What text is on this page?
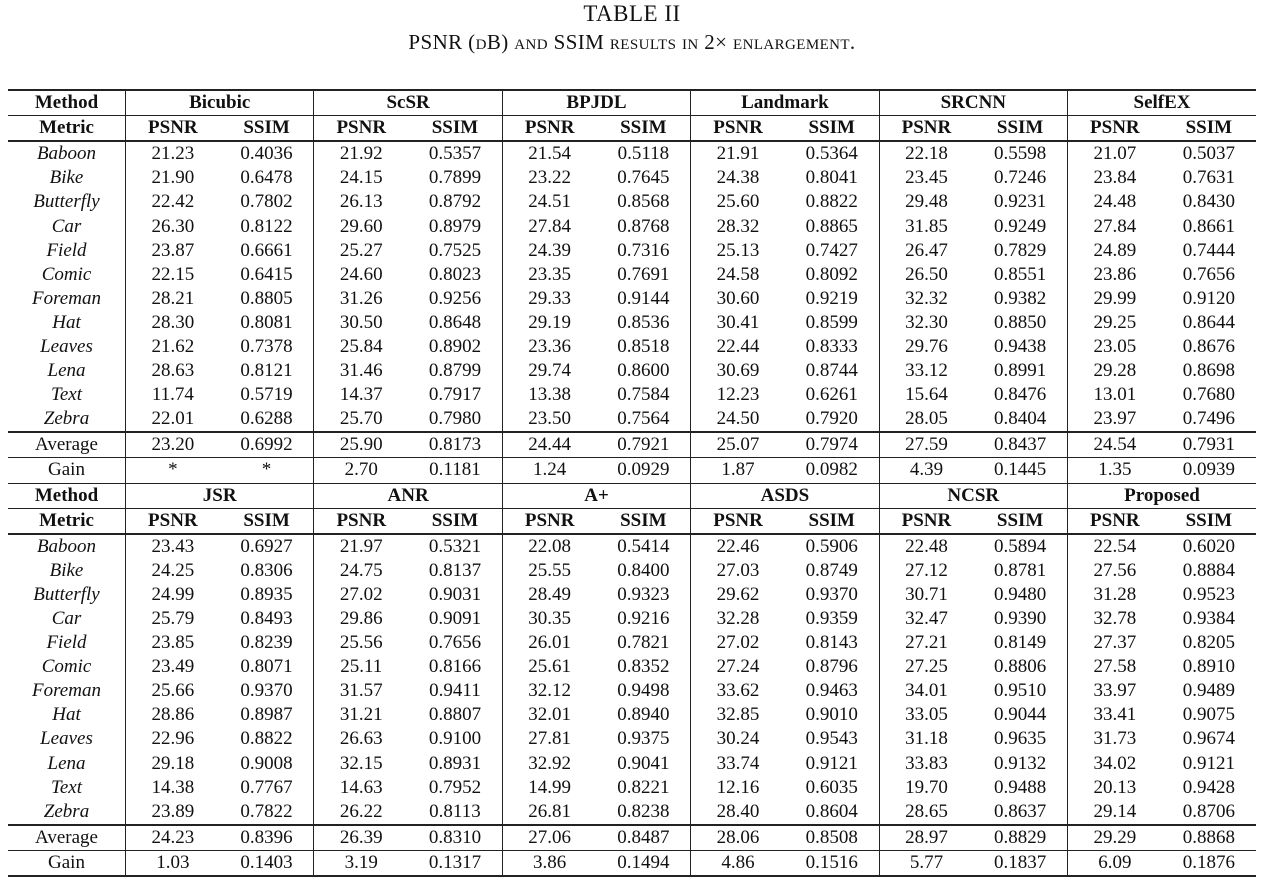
TABLE II
PSNR (dB) and SSIM results in 2× enlargement.
Method	Bicubic		ScSR		BPJDL		Landmark		SRCNN		SelfEX	
Metric	PSNR	SSIM	PSNR	SSIM	PSNR	SSIM	PSNR	SSIM	PSNR	SSIM	PSNR	SSIM
Baboon	21.23	0.4036	21.92	0.5357	21.54	0.5118	21.91	0.5364	22.18	0.5598	21.07	0.5037
Bike	21.90	0.6478	24.15	0.7899	23.22	0.7645	24.38	0.8041	23.45	0.7246	23.84	0.7631
Butterfly	22.42	0.7802	26.13	0.8792	24.51	0.8568	25.60	0.8822	29.48	0.9231	24.48	0.8430
Car	26.30	0.8122	29.60	0.8979	27.84	0.8768	28.32	0.8865	31.85	0.9249	27.84	0.8661
Field	23.87	0.6661	25.27	0.7525	24.39	0.7316	25.13	0.7427	26.47	0.7829	24.89	0.7444
Comic	22.15	0.6415	24.60	0.8023	23.35	0.7691	24.58	0.8092	26.50	0.8551	23.86	0.7656
Foreman	28.21	0.8805	31.26	0.9256	29.33	0.9144	30.60	0.9219	32.32	0.9382	29.99	0.9120
Hat	28.30	0.8081	30.50	0.8648	29.19	0.8536	30.41	0.8599	32.30	0.8850	29.25	0.8644
Leaves	21.62	0.7378	25.84	0.8902	23.36	0.8518	22.44	0.8333	29.76	0.9438	23.05	0.8676
Lena	28.63	0.8121	31.46	0.8799	29.74	0.8600	30.69	0.8744	33.12	0.8991	29.28	0.8698
Text	11.74	0.5719	14.37	0.7917	13.38	0.7584	12.23	0.6261	15.64	0.8476	13.01	0.7680
Zebra	22.01	0.6288	25.70	0.7980	23.50	0.7564	24.50	0.7920	28.05	0.8404	23.97	0.7496
Average	23.20	0.6992	25.90	0.8173	24.44	0.7921	25.07	0.7974	27.59	0.8437	24.54	0.7931
Gain	*	*	2.70	0.1181	1.24	0.0929	1.87	0.0982	4.39	0.1445	1.35	0.0939
Method	JSR		ANR		A+		ASDS		NCSR		Proposed	
Metric	PSNR	SSIM	PSNR	SSIM	PSNR	SSIM	PSNR	SSIM	PSNR	SSIM	PSNR	SSIM
Baboon	23.43	0.6927	21.97	0.5321	22.08	0.5414	22.46	0.5906	22.48	0.5894	22.54	0.6020
Bike	24.25	0.8306	24.75	0.8137	25.55	0.8400	27.03	0.8749	27.12	0.8781	27.56	0.8884
Butterfly	24.99	0.8935	27.02	0.9031	28.49	0.9323	29.62	0.9370	30.71	0.9480	31.28	0.9523
Car	25.79	0.8493	29.86	0.9091	30.35	0.9216	32.28	0.9359	32.47	0.9390	32.78	0.9384
Field	23.85	0.8239	25.56	0.7656	26.01	0.7821	27.02	0.8143	27.21	0.8149	27.37	0.8205
Comic	23.49	0.8071	25.11	0.8166	25.61	0.8352	27.24	0.8796	27.25	0.8806	27.58	0.8910
Foreman	25.66	0.9370	31.57	0.9411	32.12	0.9498	33.62	0.9463	34.01	0.9510	33.97	0.9489
Hat	28.86	0.8987	31.21	0.8807	32.01	0.8940	32.85	0.9010	33.05	0.9044	33.41	0.9075
Leaves	22.96	0.8822	26.63	0.9100	27.81	0.9375	30.24	0.9543	31.18	0.9635	31.73	0.9674
Lena	29.18	0.9008	32.15	0.8931	32.92	0.9041	33.74	0.9121	33.83	0.9132	34.02	0.9121
Text	14.38	0.7767	14.63	0.7952	14.99	0.8221	12.16	0.6035	19.70	0.9488	20.13	0.9428
Zebra	23.89	0.7822	26.22	0.8113	26.81	0.8238	28.40	0.8604	28.65	0.8637	29.14	0.8706
Average	24.23	0.8396	26.39	0.8310	27.06	0.8487	28.06	0.8508	28.97	0.8829	29.29	0.8868
Gain	1.03	0.1403	3.19	0.1317	3.86	0.1494	4.86	0.1516	5.77	0.1837	6.09	0.1876
